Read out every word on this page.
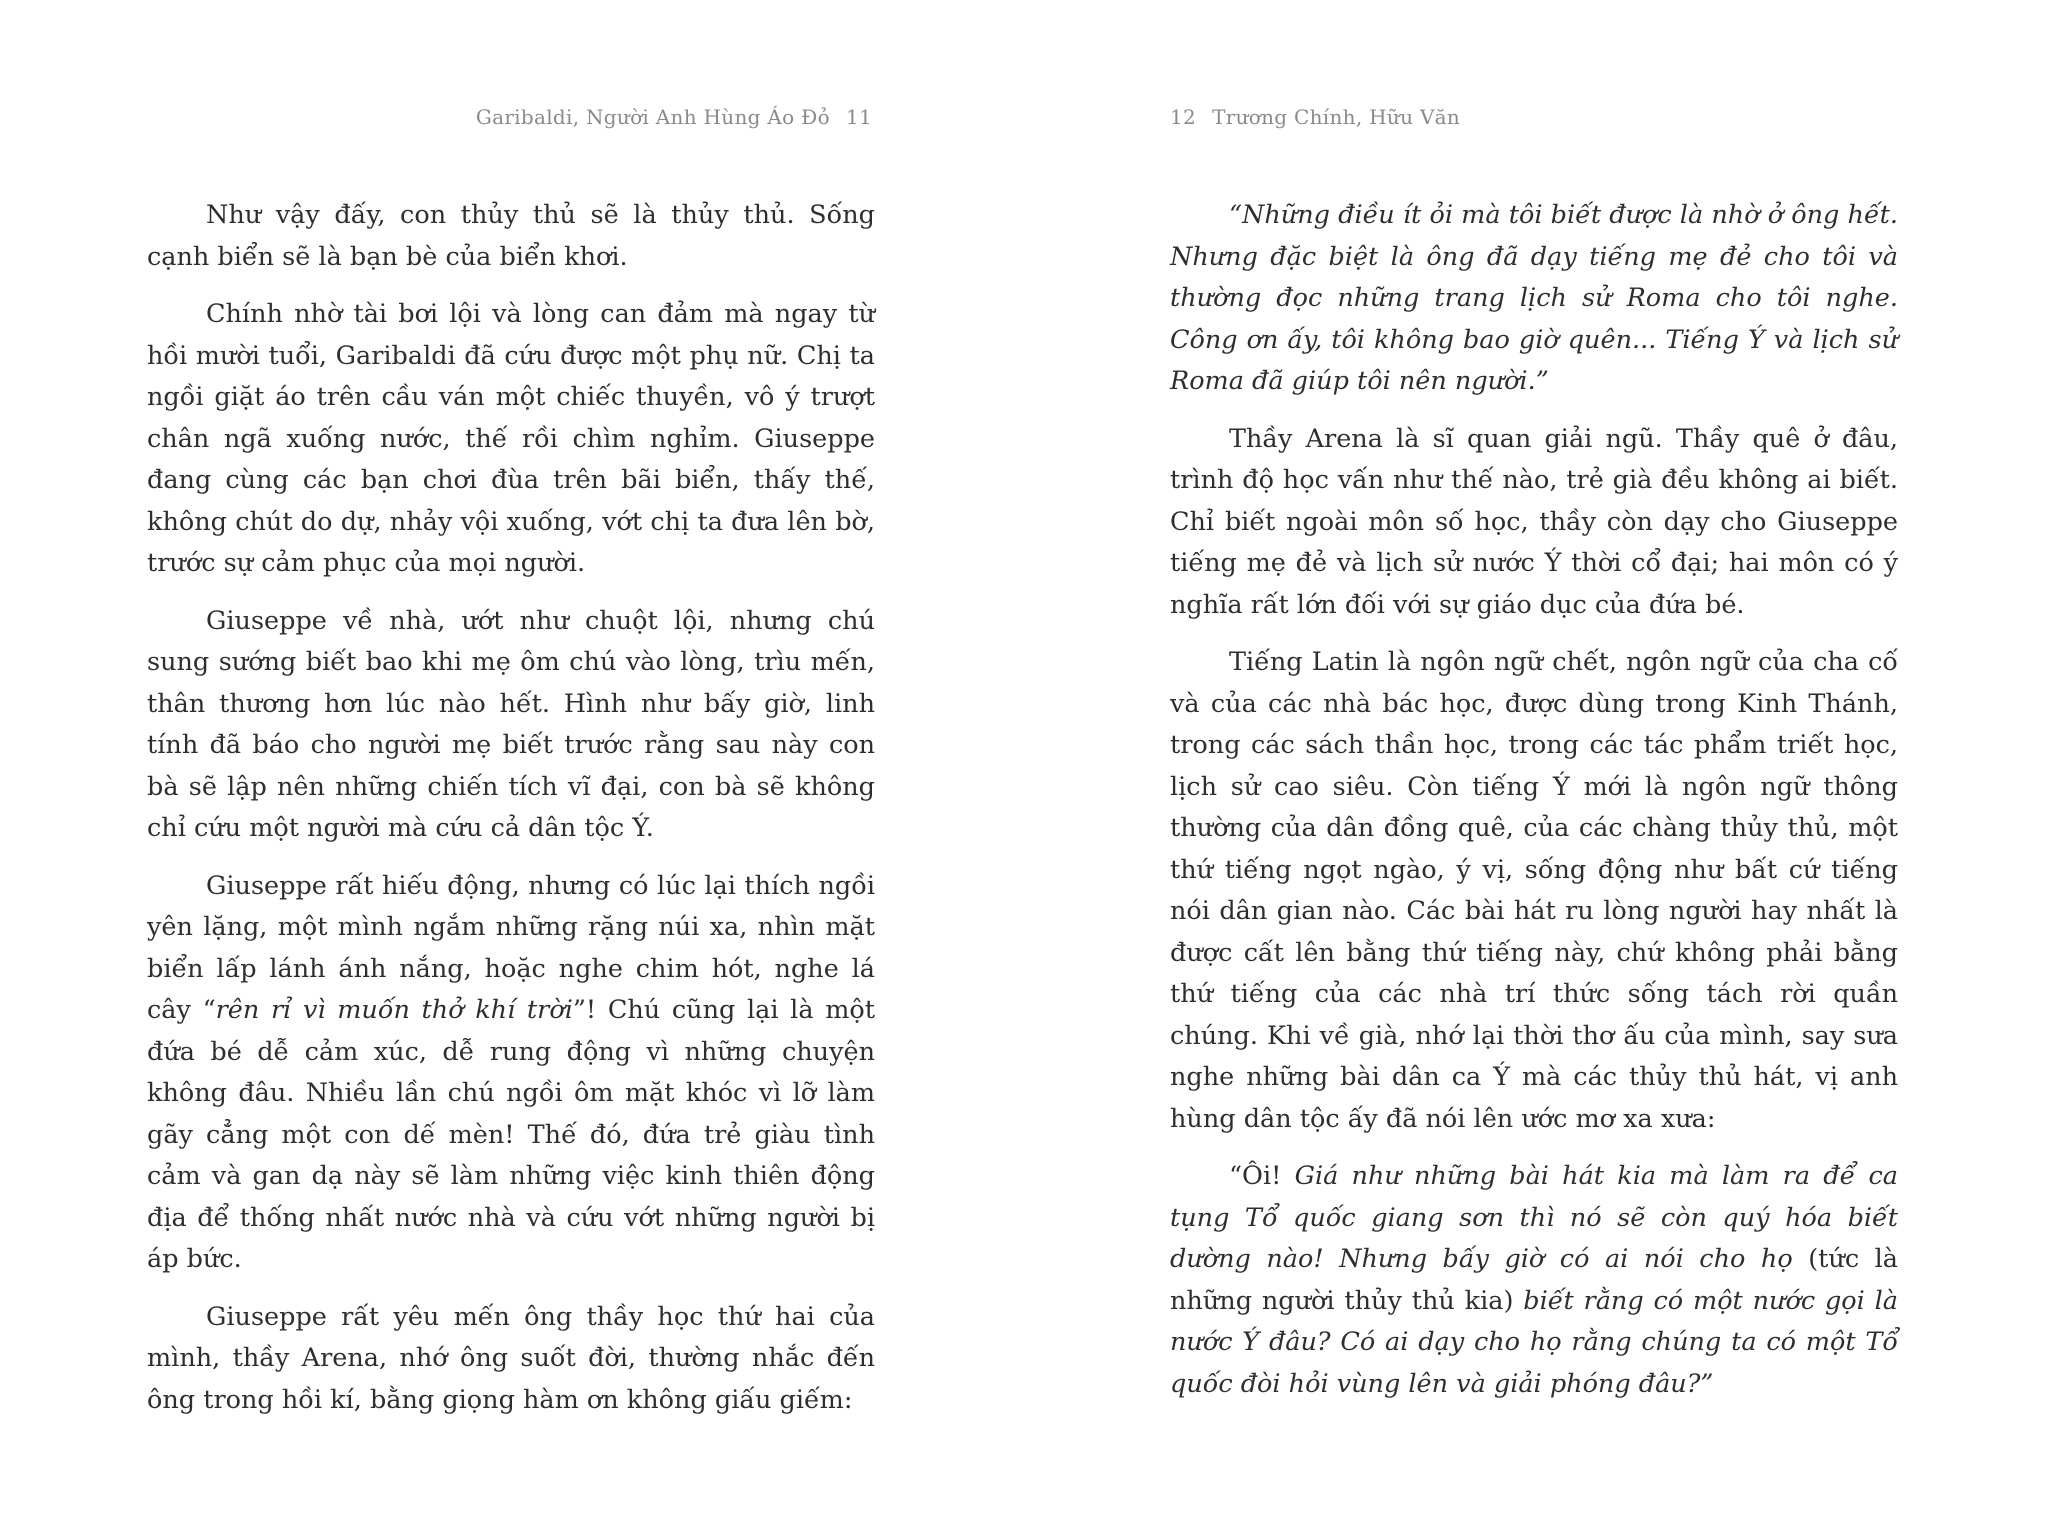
Garibaldi, Người Anh Hùng Áo Đỏ 11

Như vậy đấy, con thủy thủ sẽ là thủy thủ. Sống cạnh biển sẽ là bạn bè của biển khơi.

Chính nhờ tài bơi lội và lòng can đảm mà ngay từ hồi mười tuổi, Garibaldi đã cứu được một phụ nữ. Chị ta ngồi giặt áo trên cầu ván một chiếc thuyền, vô ý trượt chân ngã xuống nước, thế rồi chìm nghỉm. Giuseppe đang cùng các bạn chơi đùa trên bãi biển, thấy thế, không chút do dự, nhảy vội xuống, vớt chị ta đưa lên bờ, trước sự cảm phục của mọi người.

Giuseppe về nhà, ướt như chuột lội, nhưng chú sung sướng biết bao khi mẹ ôm chú vào lòng, trìu mến, thân thương hơn lúc nào hết. Hình như bấy giờ, linh tính đã báo cho người mẹ biết trước rằng sau này con bà sẽ lập nên những chiến tích vĩ đại, con bà sẽ không chỉ cứu một người mà cứu cả dân tộc Ý.

Giuseppe rất hiếu động, nhưng có lúc lại thích ngồi yên lặng, một mình ngắm những rặng núi xa, nhìn mặt biển lấp lánh ánh nắng, hoặc nghe chim hót, nghe lá cây “rên rỉ vì muốn thở khí trời”! Chú cũng lại là một đứa bé dễ cảm xúc, dễ rung động vì những chuyện không đâu. Nhiều lần chú ngồi ôm mặt khóc vì lỡ làm gãy cẳng một con dế mèn! Thế đó, đứa trẻ giàu tình cảm và gan dạ này sẽ làm những việc kinh thiên động địa để thống nhất nước nhà và cứu vớt những người bị áp bức.

Giuseppe rất yêu mến ông thầy học thứ hai của mình, thầy Arena, nhớ ông suốt đời, thường nhắc đến ông trong hồi kí, bằng giọng hàm ơn không giấu giếm:

12 Trương Chính, Hữu Văn

“Những điều ít ỏi mà tôi biết được là nhờ ở ông hết. Nhưng đặc biệt là ông đã dạy tiếng mẹ đẻ cho tôi và thường đọc những trang lịch sử Roma cho tôi nghe. Công ơn ấy, tôi không bao giờ quên... Tiếng Ý và lịch sử Roma đã giúp tôi nên người.”

Thầy Arena là sĩ quan giải ngũ. Thầy quê ở đâu, trình độ học vấn như thế nào, trẻ già đều không ai biết. Chỉ biết ngoài môn số học, thầy còn dạy cho Giuseppe tiếng mẹ đẻ và lịch sử nước Ý thời cổ đại; hai môn có ý nghĩa rất lớn đối với sự giáo dục của đứa bé.

Tiếng Latin là ngôn ngữ chết, ngôn ngữ của cha cố và của các nhà bác học, được dùng trong Kinh Thánh, trong các sách thần học, trong các tác phẩm triết học, lịch sử cao siêu. Còn tiếng Ý mới là ngôn ngữ thông thường của dân đồng quê, của các chàng thủy thủ, một thứ tiếng ngọt ngào, ý vị, sống động như bất cứ tiếng nói dân gian nào. Các bài hát ru lòng người hay nhất là được cất lên bằng thứ tiếng này, chứ không phải bằng thứ tiếng của các nhà trí thức sống tách rời quần chúng. Khi về già, nhớ lại thời thơ ấu của mình, say sưa nghe những bài dân ca Ý mà các thủy thủ hát, vị anh hùng dân tộc ấy đã nói lên ước mơ xa xưa:

“Ôi! Giá như những bài hát kia mà làm ra để ca tụng Tổ quốc giang sơn thì nó sẽ còn quý hóa biết dường nào! Nhưng bấy giờ có ai nói cho họ (tức là những người thủy thủ kia) biết rằng có một nước gọi là nước Ý đâu? Có ai dạy cho họ rằng chúng ta có một Tổ quốc đòi hỏi vùng lên và giải phóng đâu?”
